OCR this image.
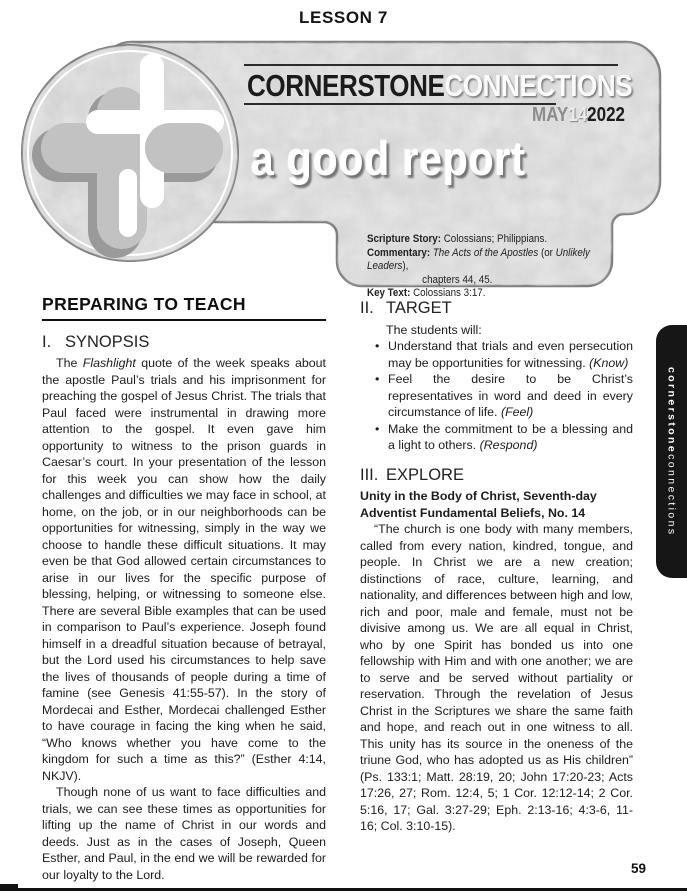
LESSON 7
CORNERSTONECONNECTIONS
MAY142022
a good report
Scripture Story: Colossians; Philippians.
Commentary: The Acts of the Apostles (or Unlikely Leaders),
chapters 44, 45.
Key Text: Colossians 3:17.
PREPARING TO TEACH
I. SYNOPSIS

The Flashlight quote of the week speaks about the apostle Paul’s trials and his imprisonment for preaching the gospel of Jesus Christ. The trials that Paul faced were instrumental in drawing more attention to the gospel. It even gave him opportunity to witness to the prison guards in Caesar’s court. In your presentation of the lesson for this week you can show how the daily challenges and difficulties we may face in school, at home, on the job, or in our neighborhoods can be opportunities for witnessing, simply in the way we choose to handle these difficult situations. It may even be that God allowed certain circumstances to arise in our lives for the specific purpose of blessing, helping, or witnessing to someone else. There are several Bible examples that can be used in comparison to Paul’s experience. Joseph found himself in a dreadful situation because of betrayal, but the Lord used his circumstances to help save the lives of thousands of people during a time of famine (see Genesis 41:55-57). In the story of Mordecai and Esther, Mordecai challenged Esther to have courage in facing the king when he said, “Who knows whether you have come to the kingdom for such a time as this?” (Esther 4:14, NKJV).

Though none of us want to face difficulties and trials, we can see these times as opportunities for lifting up the name of Christ in our words and deeds. Just as in the cases of Joseph, Queen Esther, and Paul, in the end we will be rewarded for our loyalty to the Lord.

II. TARGET
The students will:
• Understand that trials and even persecution may be opportunities for witnessing. (Know)
• Feel the desire to be Christ’s representatives in word and deed in every circumstance of life. (Feel)
• Make the commitment to be a blessing and a light to others. (Respond)
III. EXPLORE
Unity in the Body of Christ, Seventh-day Adventist Fundamental Beliefs, No. 14

“The church is one body with many members, called from every nation, kindred, tongue, and people. In Christ we are a new creation; distinctions of race, culture, learning, and nationality, and differences between high and low, rich and poor, male and female, must not be divisive among us. We are all equal in Christ, who by one Spirit has bonded us into one fellowship with Him and with one another; we are to serve and be served without partiality or reservation. Through the revelation of Jesus Christ in the Scriptures we share the same faith and hope, and reach out in one witness to all. This unity has its source in the oneness of the triune God, who has adopted us as His children” (Ps. 133:1; Matt. 28:19, 20; John 17:20-23; Acts 17:26, 27; Rom. 12:4, 5; 1 Cor. 12:12-14; 2 Cor. 5:16, 17; Gal. 3:27-29; Eph. 2:13-16; 4:3-6, 11-16; Col. 3:10-15).

cornerstoneconnections
59
